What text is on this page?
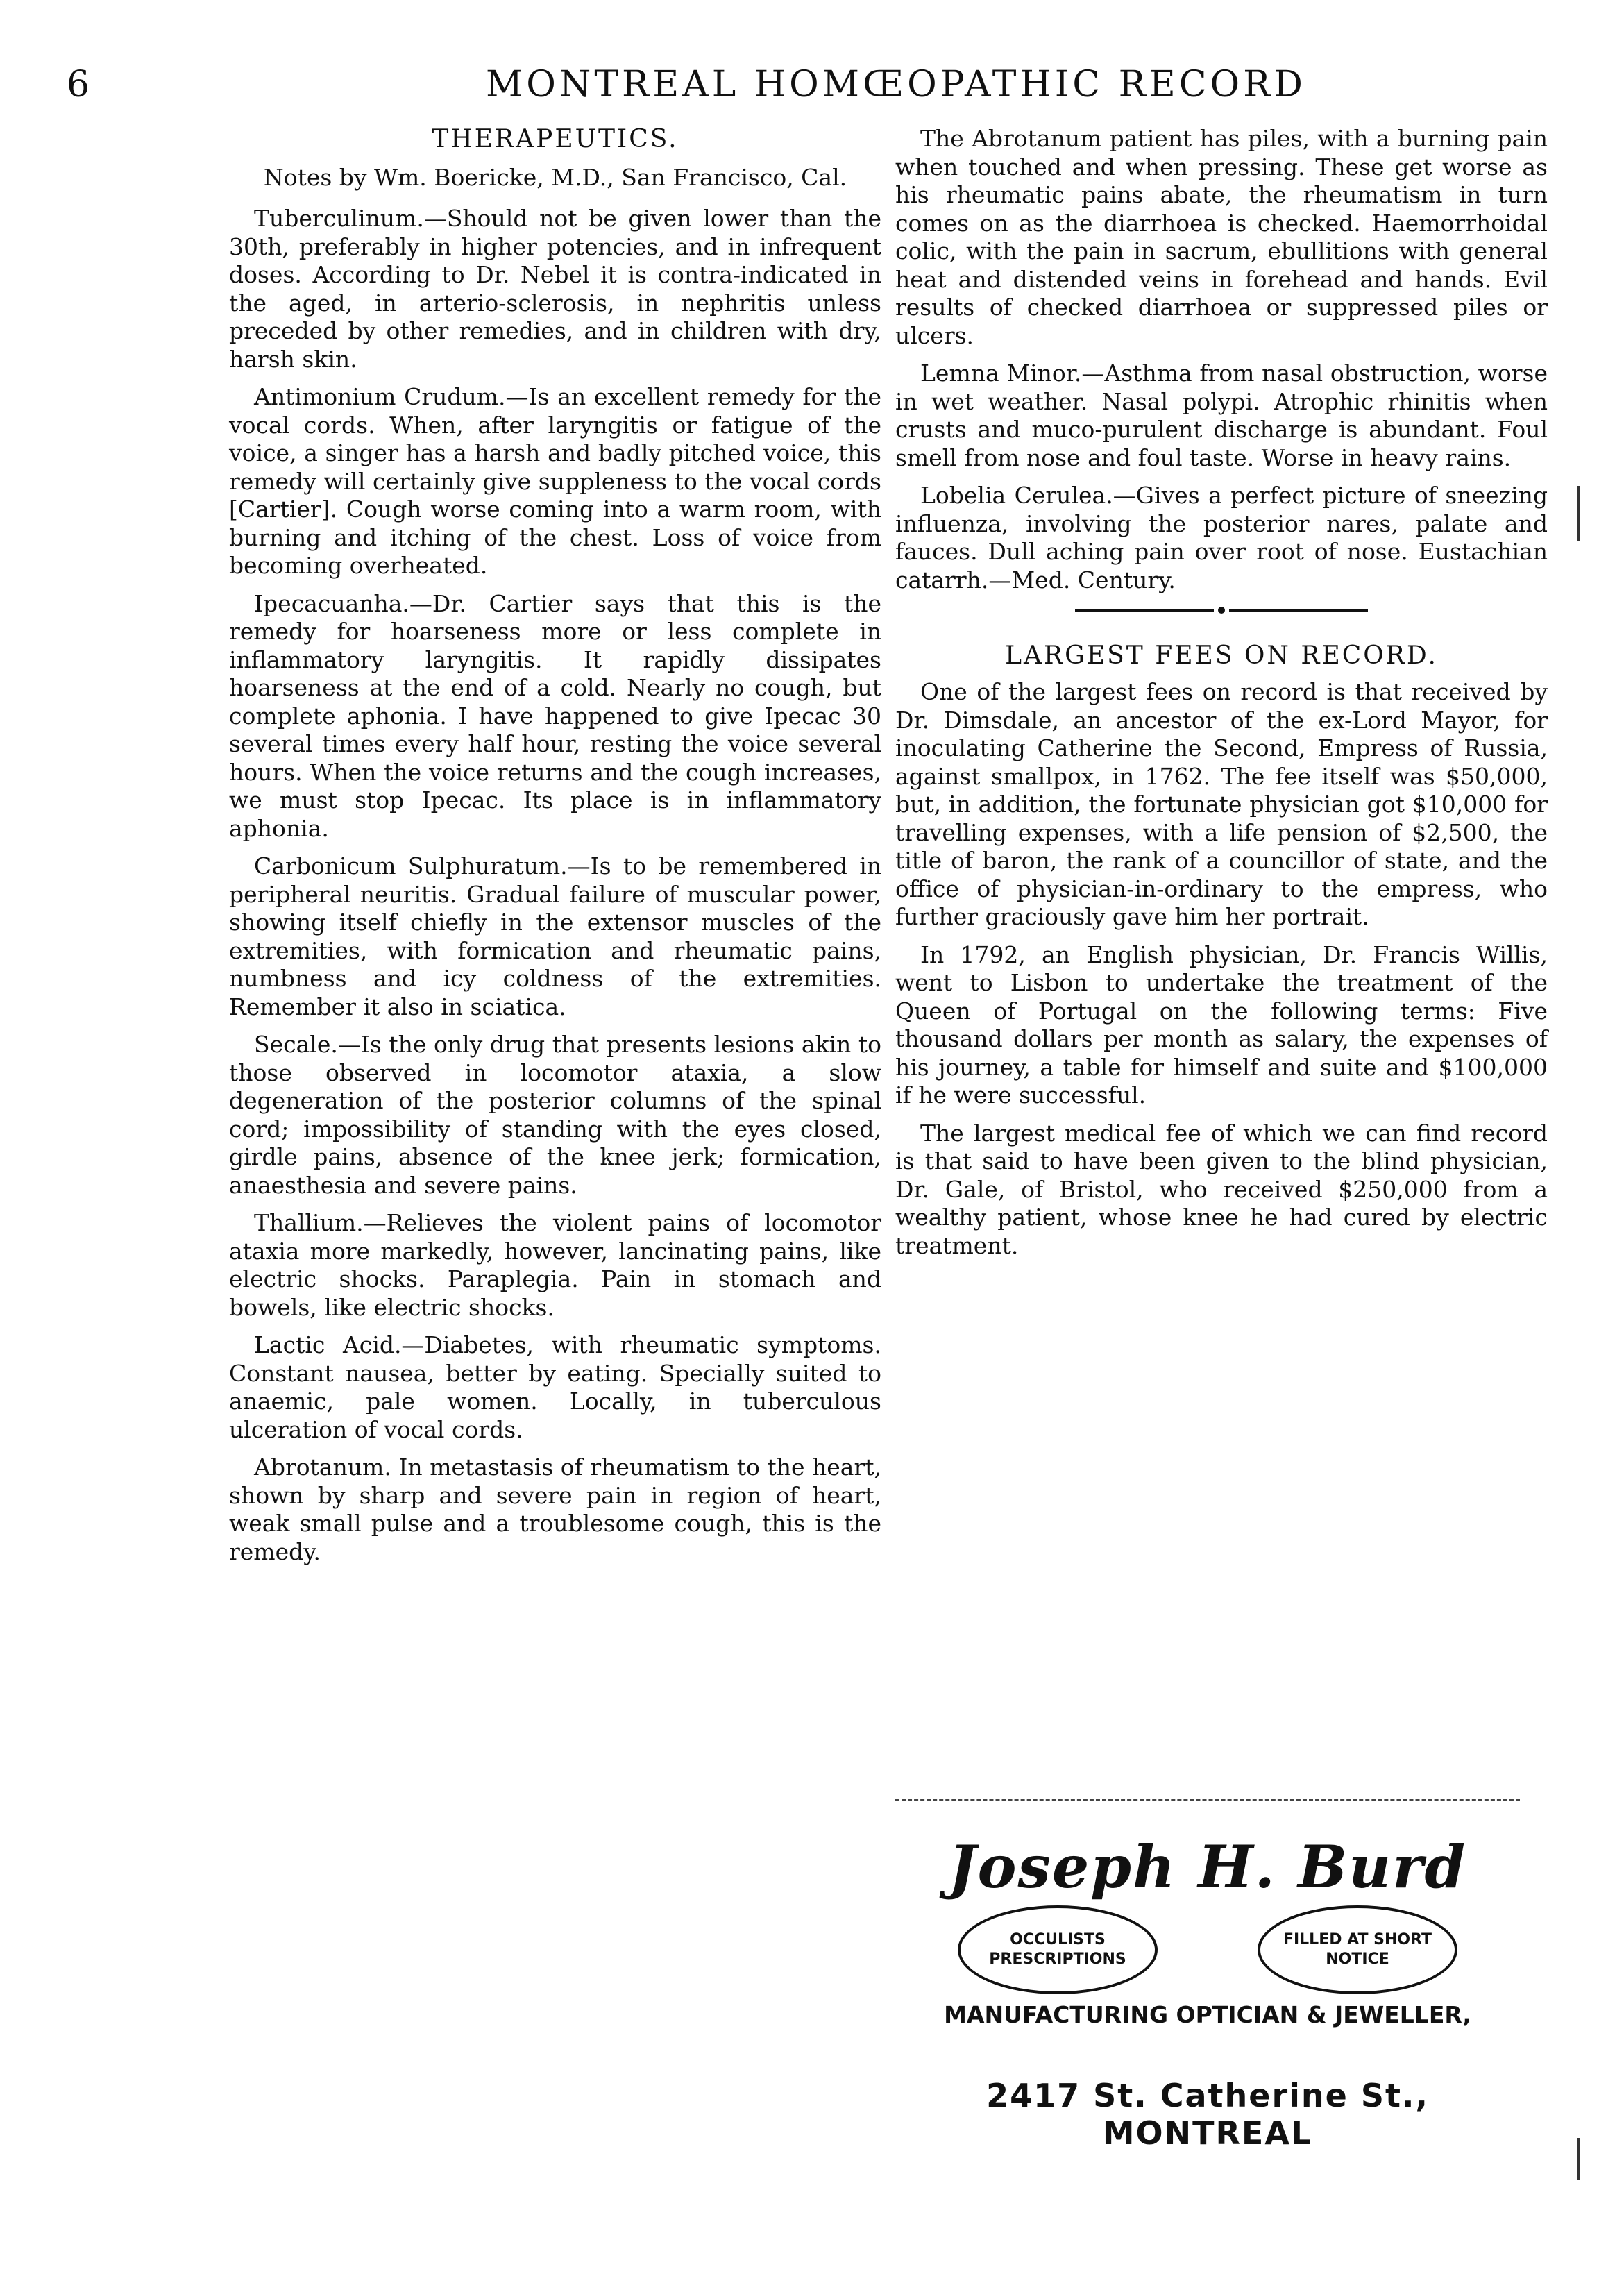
6	MONTREAL HOMŒOPATHIC RECORD
THERAPEUTICS.
Notes by Wm. Boericke, M.D., San Francisco, Cal.

Tuberculinum.—Should not be given lower than the 30th, preferably in higher potencies, and in infrequent doses. According to Dr. Nebel it is contra-indicated in the aged, in arterio-sclerosis, in nephritis unless preceded by other remedies, and in children with dry, harsh skin.

Antimonium Crudum.—Is an excellent remedy for the vocal cords. When, after laryngitis or fatigue of the voice, a singer has a harsh and badly pitched voice, this remedy will certainly give suppleness to the vocal cords [Cartier]. Cough worse coming into a warm room, with burning and itching of the chest. Loss of voice from becoming overheated.

Ipecacuanha.—Dr. Cartier says that this is the remedy for hoarseness more or less complete in inflammatory laryngitis. It rapidly dissipates hoarseness at the end of a cold. Nearly no cough, but complete aphonia. I have happened to give Ipecac 30 several times every half hour, resting the voice several hours. When the voice returns and the cough increases, we must stop Ipecac. Its place is in inflammatory aphonia.

Carbonicum Sulphuratum.—Is to be remembered in peripheral neuritis. Gradual failure of muscular power, showing itself chiefly in the extensor muscles of the extremities, with formication and rheumatic pains, numbness and icy coldness of the extremities. Remember it also in sciatica.

Secale.—Is the only drug that presents lesions akin to those observed in locomotor ataxia, a slow degeneration of the posterior columns of the spinal cord; impossibility of standing with the eyes closed, girdle pains, absence of the knee jerk; formication, anaesthesia and severe pains.

Thallium.—Relieves the violent pains of locomotor ataxia more markedly, however, lancinating pains, like electric shocks. Paraplegia. Pain in stomach and bowels, like electric shocks.

Lactic Acid.—Diabetes, with rheumatic symptoms. Constant nausea, better by eating. Specially suited to anaemic, pale women. Locally, in tuberculous ulceration of vocal cords.

Abrotanum. In metastasis of rheumatism to the heart, shown by sharp and severe pain in region of heart, weak small pulse and a troublesome cough, this is the remedy.

The Abrotanum patient has piles, with a burning pain when touched and when pressing. These get worse as his rheumatic pains abate, the rheumatism in turn comes on as the diarrhoea is checked. Haemorrhoidal colic, with the pain in sacrum, ebullitions with general heat and distended veins in forehead and hands. Evil results of checked diarrhoea or suppressed piles or ulcers.

Lemna Minor.—Asthma from nasal obstruction, worse in wet weather. Nasal polypi. Atrophic rhinitis when crusts and muco-purulent discharge is abundant. Foul smell from nose and foul taste. Worse in heavy rains.

Lobelia Cerulea.—Gives a perfect picture of sneezing influenza, involving the posterior nares, palate and fauces. Dull aching pain over root of nose. Eustachian catarrh.—Med. Century.

LARGEST FEES ON RECORD.

One of the largest fees on record is that received by Dr. Dimsdale, an ancestor of the ex-Lord Mayor, for inoculating Catherine the Second, Empress of Russia, against smallpox, in 1762. The fee itself was $50,000, but, in addition, the fortunate physician got $10,000 for travelling expenses, with a life pension of $2,500, the title of baron, the rank of a councillor of state, and the office of physician-in-ordinary to the empress, who further graciously gave him her portrait.

In 1792, an English physician, Dr. Francis Willis, went to Lisbon to undertake the treatment of the Queen of Portugal on the following terms: Five thousand dollars per month as salary, the expenses of his journey, a table for himself and suite and $100,000 if he were successful.

The largest medical fee of which we can find record is that said to have been given to the blind physician, Dr. Gale, of Bristol, who received $250,000 from a wealthy patient, whose knee he had cured by electric treatment.

Joseph H. Burd
OCCULISTS PRESCRIPTIONS
FILLED AT SHORT NOTICE
MANUFACTURING OPTICIAN & JEWELLER,
2417 St. Catherine St., MONTREAL
